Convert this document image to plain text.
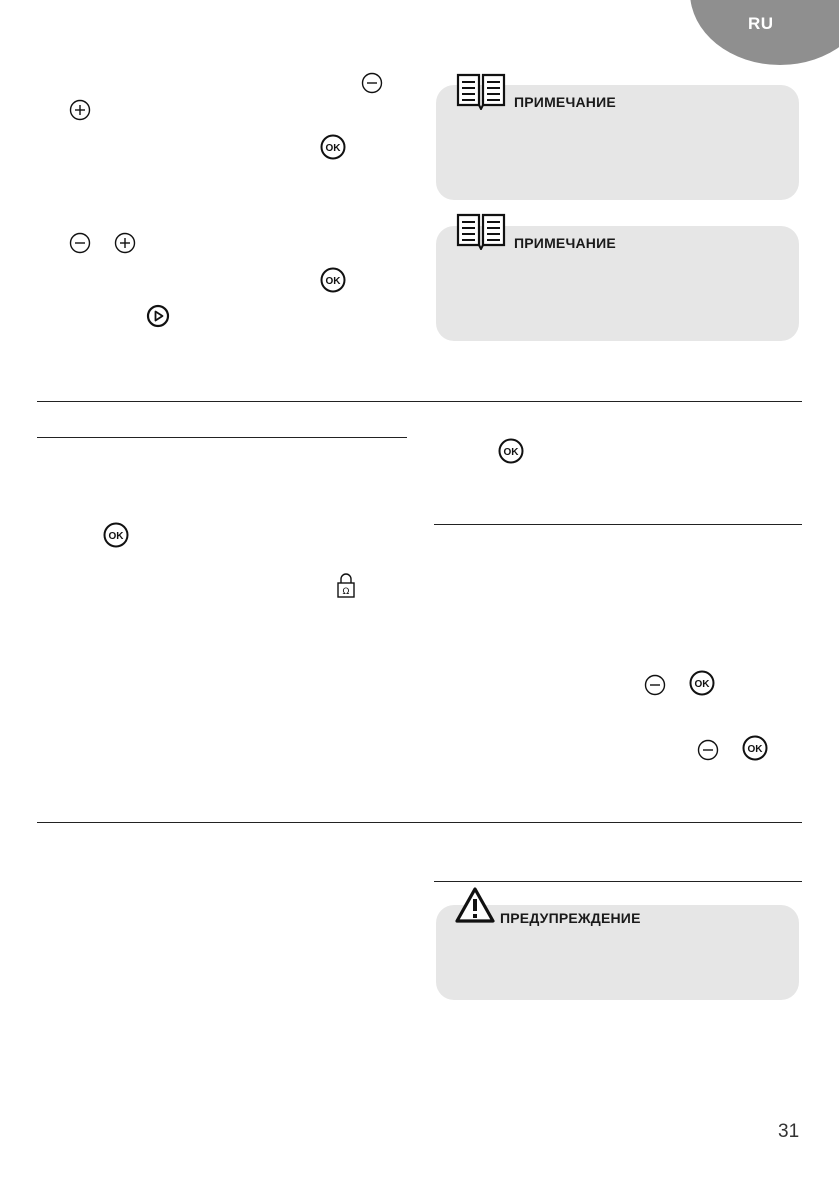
RU
OK
OK
ПРИМЕЧАНИЕ
ПРИМЕЧАНИЕ
OK
Ω
OK
OK
OK
ПРЕДУПРЕЖДЕНИЕ
31
